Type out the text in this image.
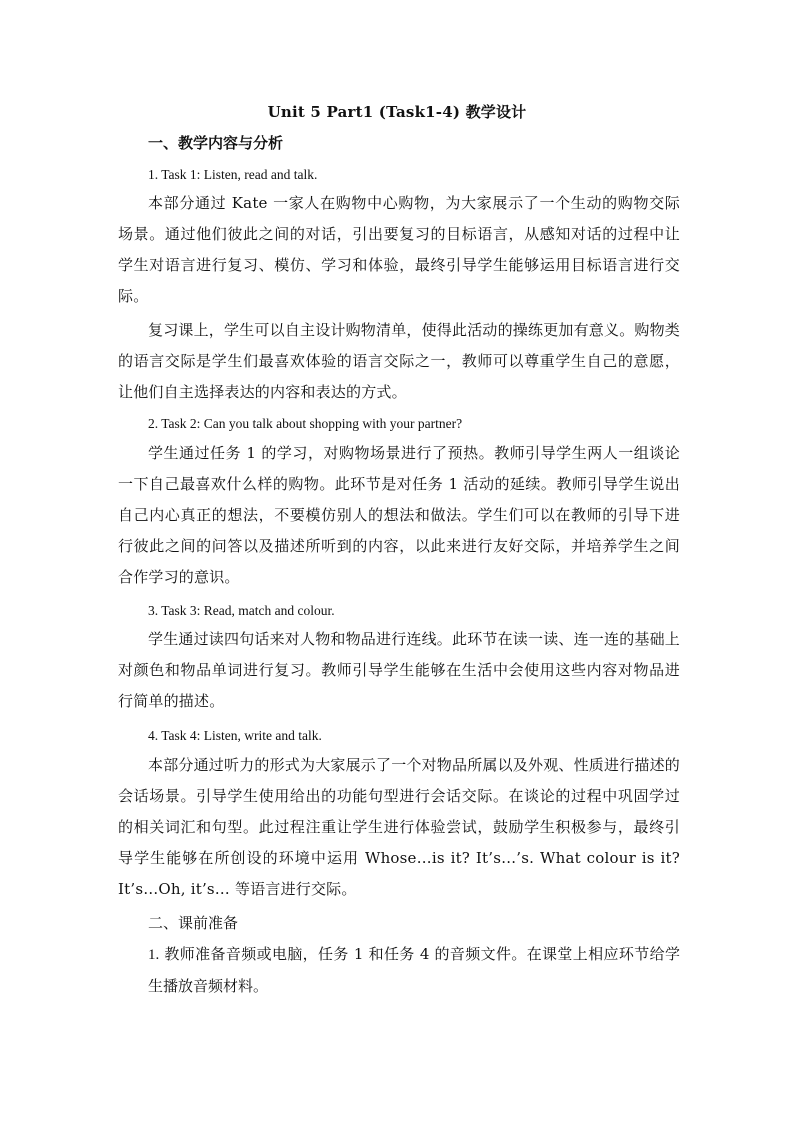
Unit 5 Part1 (Task1-4) 教学设计
一、教学内容与分析
1. Task 1: Listen, read and talk.
本部分通过 Kate 一家人在购物中心购物，为大家展示了一个生动的购物交际场景。通过他们彼此之间的对话，引出要复习的目标语言，从感知对话的过程中让学生对语言进行复习、模仿、学习和体验，最终引导学生能够运用目标语言进行交际。
复习课上，学生可以自主设计购物清单，使得此活动的操练更加有意义。购物类的语言交际是学生们最喜欢体验的语言交际之一，教师可以尊重学生自己的意愿，让他们自主选择表达的内容和表达的方式。
2. Task 2: Can you talk about shopping with your partner?
学生通过任务 1 的学习，对购物场景进行了预热。教师引导学生两人一组谈论一下自己最喜欢什么样的购物。此环节是对任务 1 活动的延续。教师引导学生说出自己内心真正的想法，不要模仿别人的想法和做法。学生们可以在教师的引导下进行彼此之间的问答以及描述所听到的内容，以此来进行友好交际，并培养学生之间合作学习的意识。
3. Task 3: Read, match and colour.
学生通过读四句话来对人物和物品进行连线。此环节在读一读、连一连的基础上对颜色和物品单词进行复习。教师引导学生能够在生活中会使用这些内容对物品进行简单的描述。
4. Task 4: Listen, write and talk.
本部分通过听力的形式为大家展示了一个对物品所属以及外观、性质进行描述的会话场景。引导学生使用给出的功能句型进行会话交际。在谈论的过程中巩固学过的相关词汇和句型。此过程注重让学生进行体验尝试，鼓励学生积极参与，最终引导学生能够在所创设的环境中运用 Whose…is it? It’s…’s. What colour is it? It’s…Oh, it’s… 等语言进行交际。
二、课前准备
1. 教师准备音频或电脑，任务 1 和任务 4 的音频文件。在课堂上相应环节给学生播放音频材料。
